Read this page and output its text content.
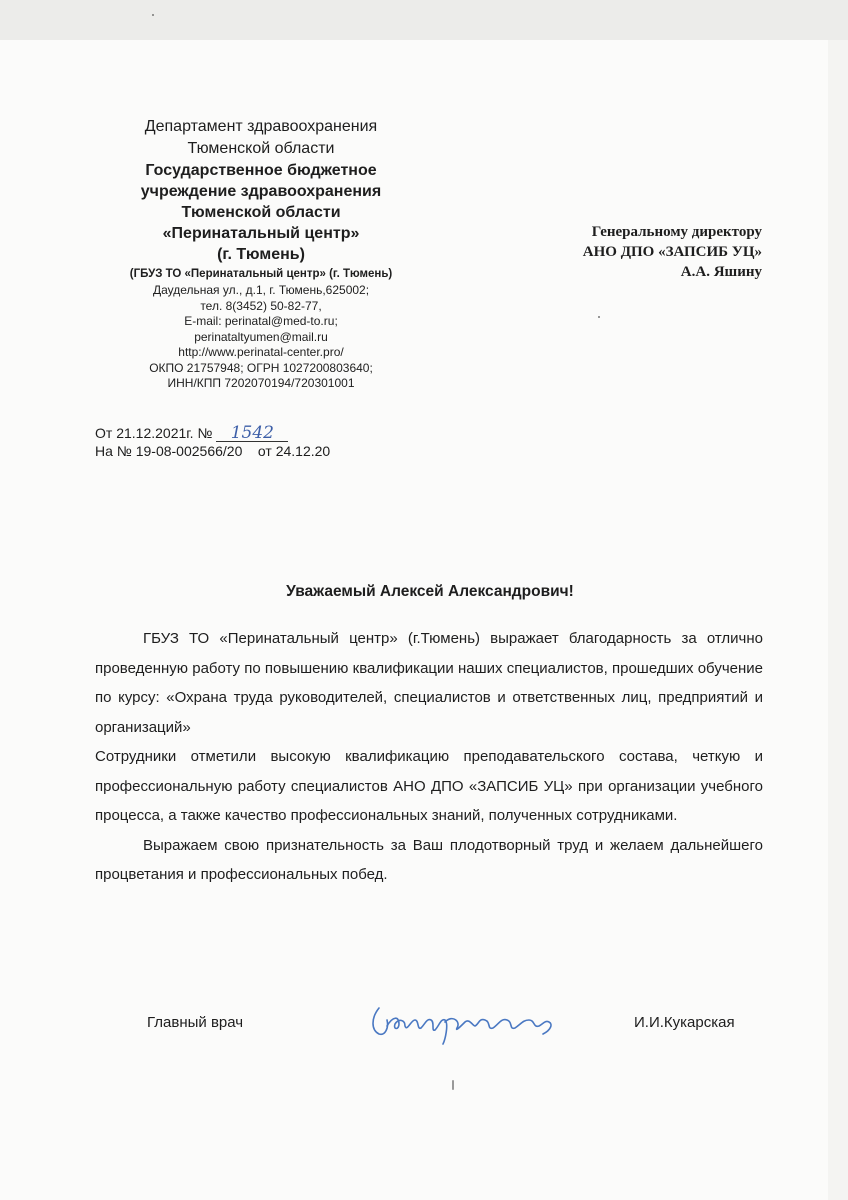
Департамент здравоохранения
Тюменской области
Государственное бюджетное
учреждение здравоохранения
Тюменской области
«Перинатальный центр»
(г. Тюмень)
(ГБУЗ ТО «Перинатальный центр» (г. Тюмень)
Даудельная ул., д.1, г. Тюмень,625002;
тел. 8(3452) 50-82-77,
E-mail: perinatal@med-to.ru;
perinataltyumen@mail.ru
http://www.perinatal-center.pro/
ОКПО 21757948; ОГРН 1027200803640;
ИНН/КПП 7202070194/720301001
Генеральному директору
АНО ДПО «ЗАПСИБ УЦ»
А.А. Яшину
От 21.12.2021г. № 1542
На № 19-08-002566/20 от 24.12.20
Уважаемый Алексей Александрович!

ГБУЗ ТО «Перинатальный центр» (г.Тюмень) выражает благодарность за отлично проведенную работу по повышению квалификации наших специалистов, прошедших обучение по курсу: «Охрана труда руководителей, специалистов и ответственных лиц, предприятий и организаций»

Сотрудники отметили высокую квалификацию преподавательского состава, четкую и профессиональную работу специалистов АНО ДПО «ЗАПСИБ УЦ» при организации учебного процесса, а также качество профессиональных знаний, полученных сотрудниками.

Выражаем свою признательность за Ваш плодотворный труд и желаем дальнейшего процветания и профессиональных побед.

Главный врач	И.И.Кукарская
